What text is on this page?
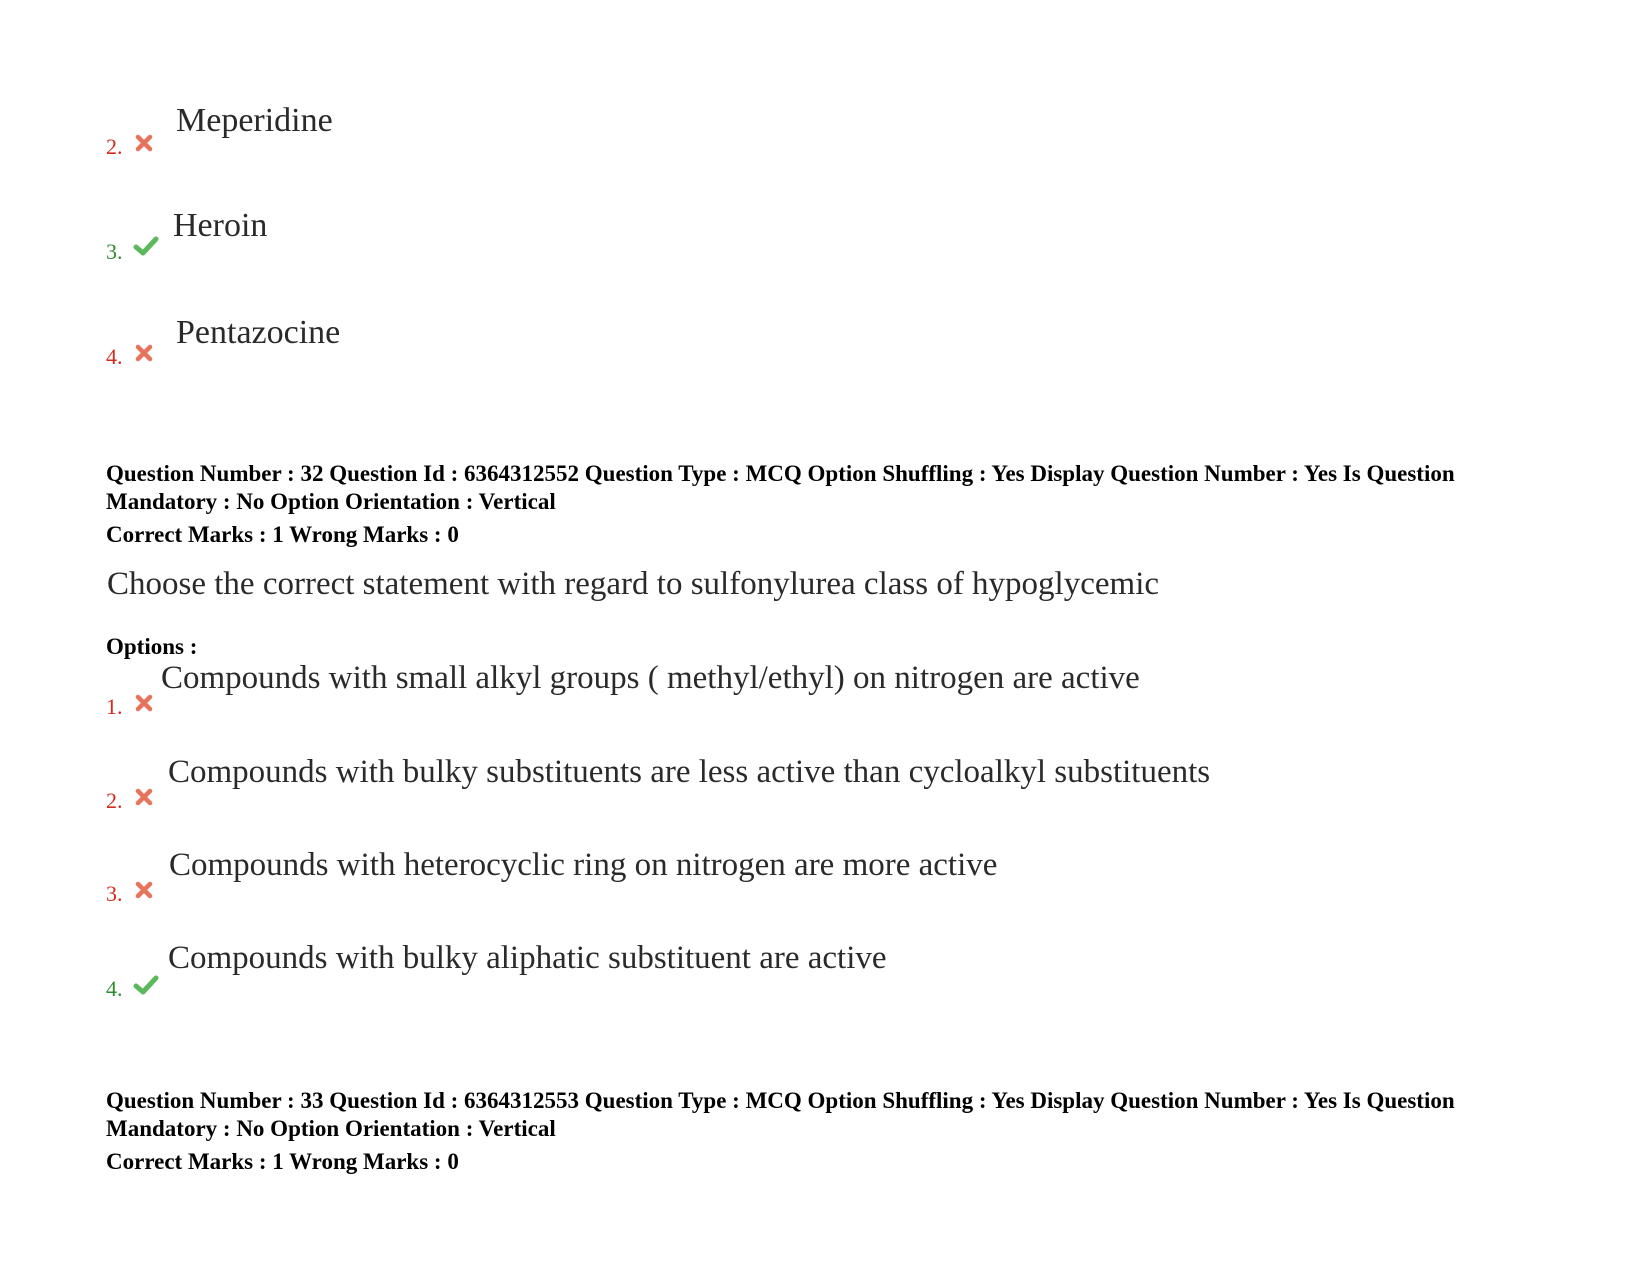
2.
Meperidine
3.
Heroin
4.
Pentazocine
Question Number : 32 Question Id : 6364312552 Question Type : MCQ Option Shuffling : Yes Display Question Number : Yes Is Question Mandatory : No Option Orientation : Vertical
Correct Marks : 1 Wrong Marks : 0
Choose the correct statement with regard to sulfonylurea class of hypoglycemic
Options :
1.
Compounds with small alkyl groups ( methyl/ethyl) on nitrogen are active
2.
Compounds with bulky substituents are less active than cycloalkyl substituents
3.
Compounds with heterocyclic ring on nitrogen are more active
4.
Compounds with bulky aliphatic substituent are active
Question Number : 33 Question Id : 6364312553 Question Type : MCQ Option Shuffling : Yes Display Question Number : Yes Is Question Mandatory : No Option Orientation : Vertical
Correct Marks : 1 Wrong Marks : 0
